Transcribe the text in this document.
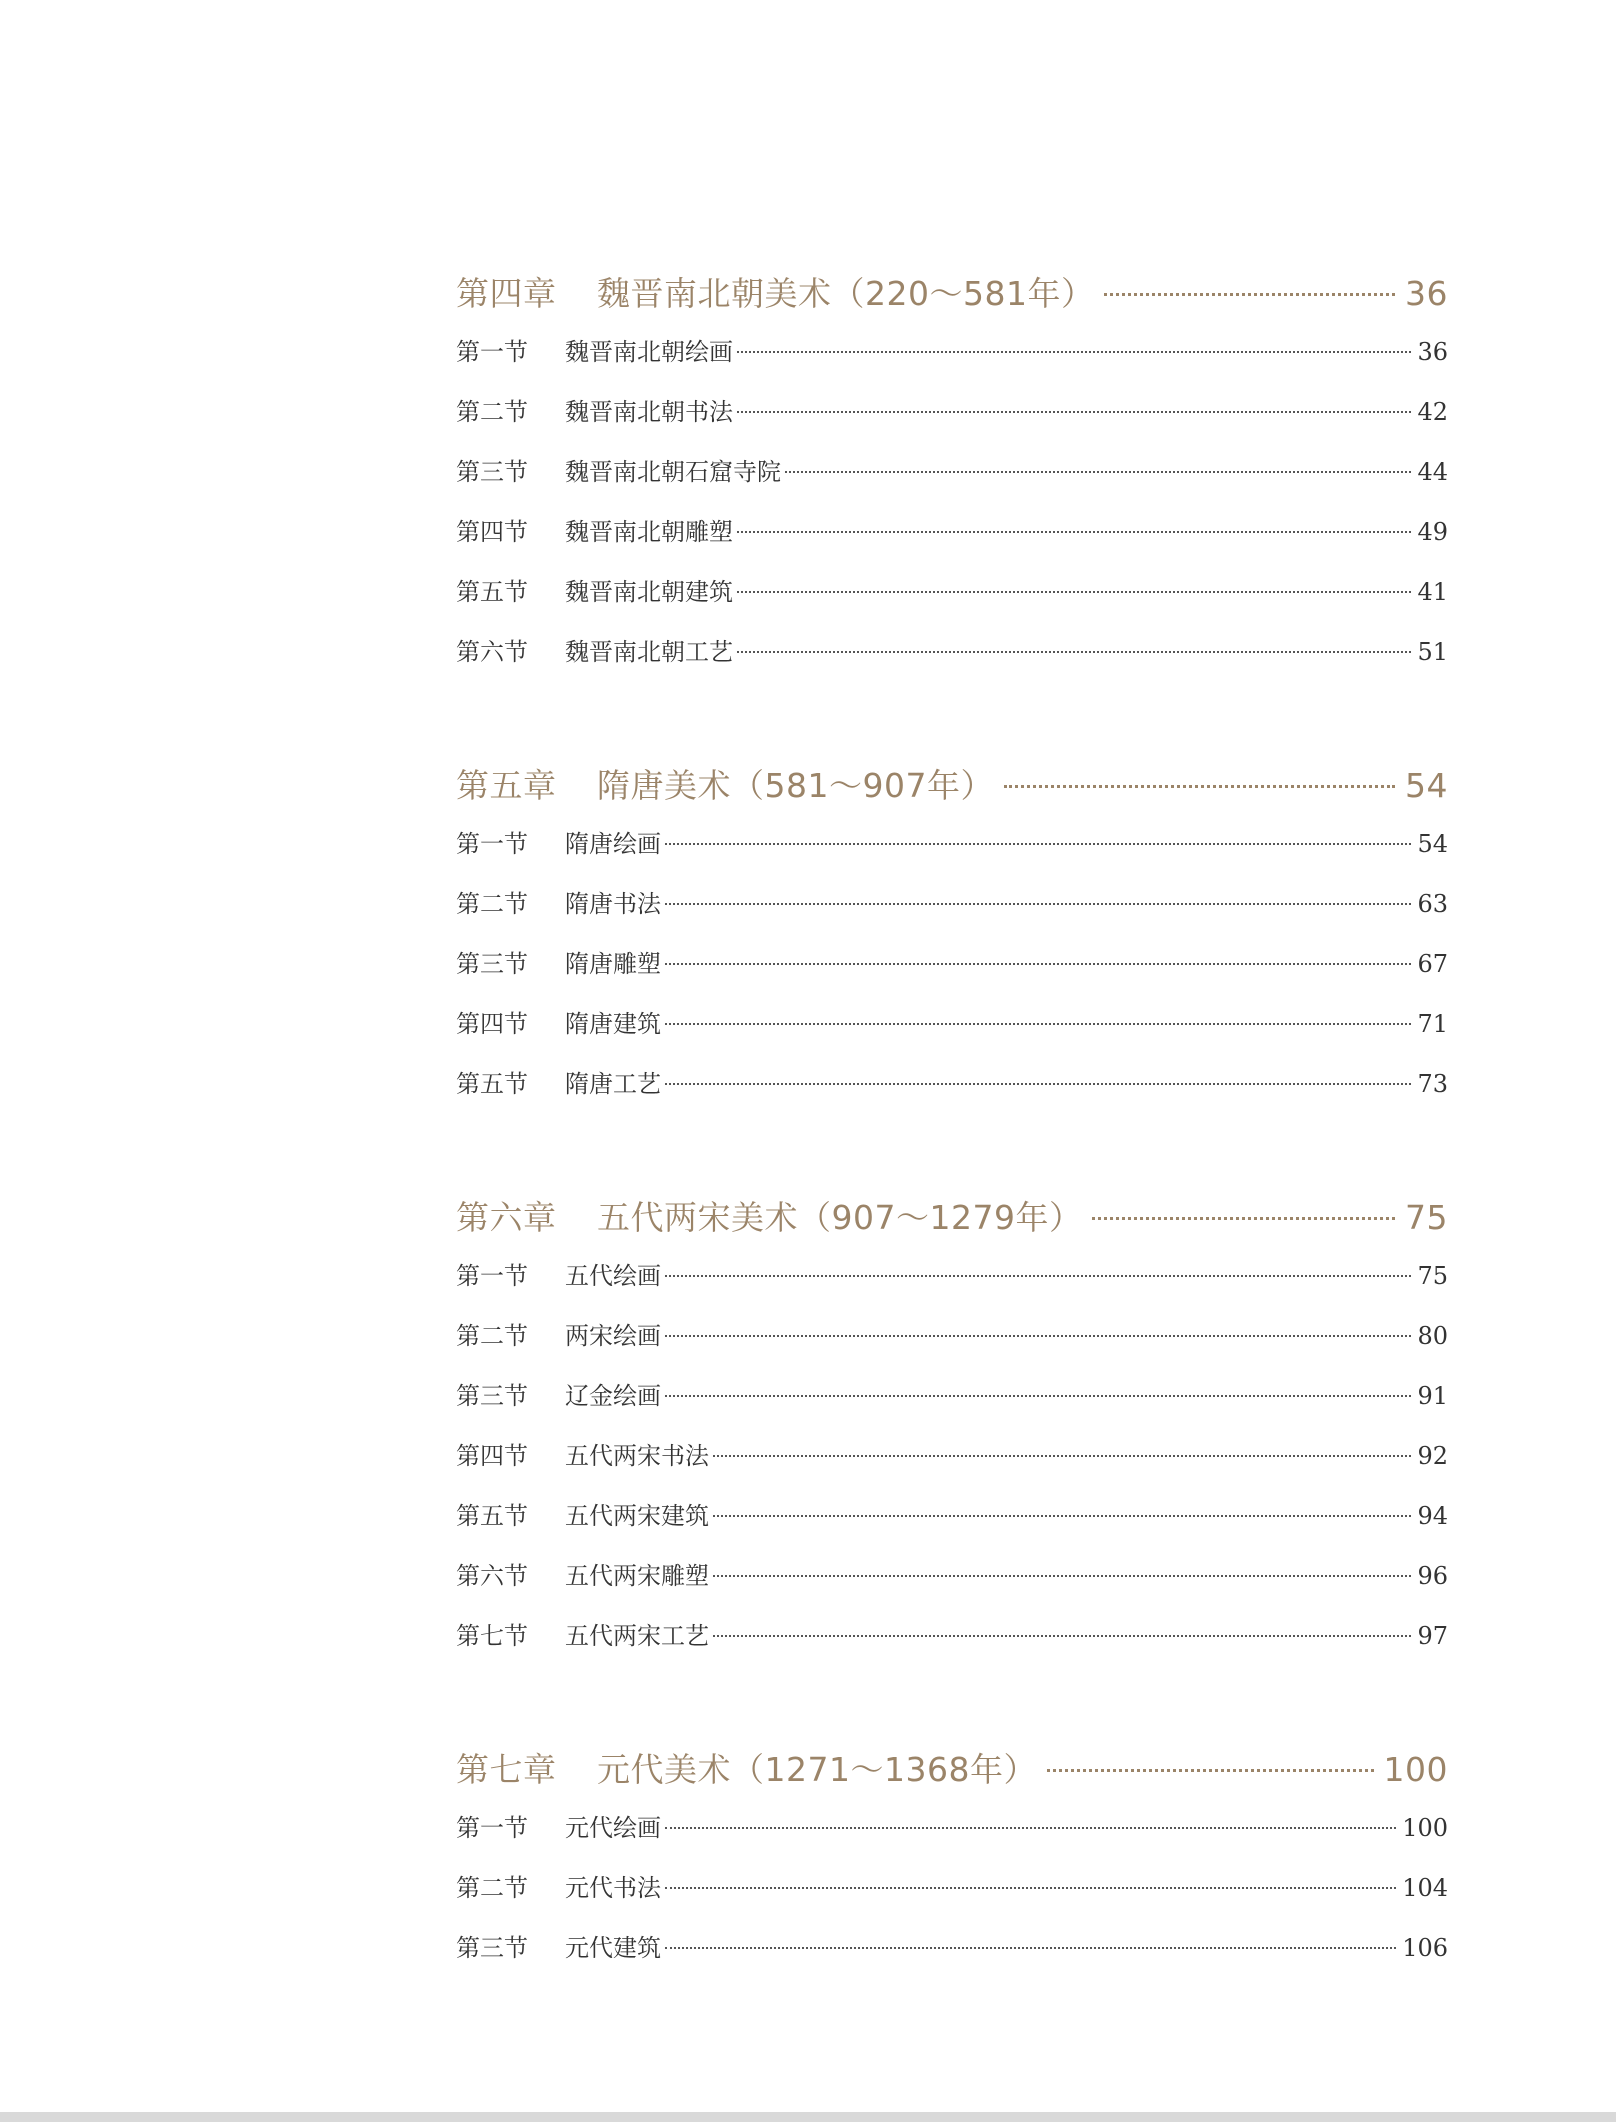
第四章	魏晋南北朝美术（220～581年）	36
第一节	魏晋南北朝绘画	36
第二节	魏晋南北朝书法	42
第三节	魏晋南北朝石窟寺院	44
第四节	魏晋南北朝雕塑	49
第五节	魏晋南北朝建筑	41
第六节	魏晋南北朝工艺	51
第五章	隋唐美术（581～907年）	54
第一节	隋唐绘画	54
第二节	隋唐书法	63
第三节	隋唐雕塑	67
第四节	隋唐建筑	71
第五节	隋唐工艺	73
第六章	五代两宋美术（907～1279年）	75
第一节	五代绘画	75
第二节	两宋绘画	80
第三节	辽金绘画	91
第四节	五代两宋书法	92
第五节	五代两宋建筑	94
第六节	五代两宋雕塑	96
第七节	五代两宋工艺	97
第七章	元代美术（1271～1368年）	100
第一节	元代绘画	100
第二节	元代书法	104
第三节	元代建筑	106
